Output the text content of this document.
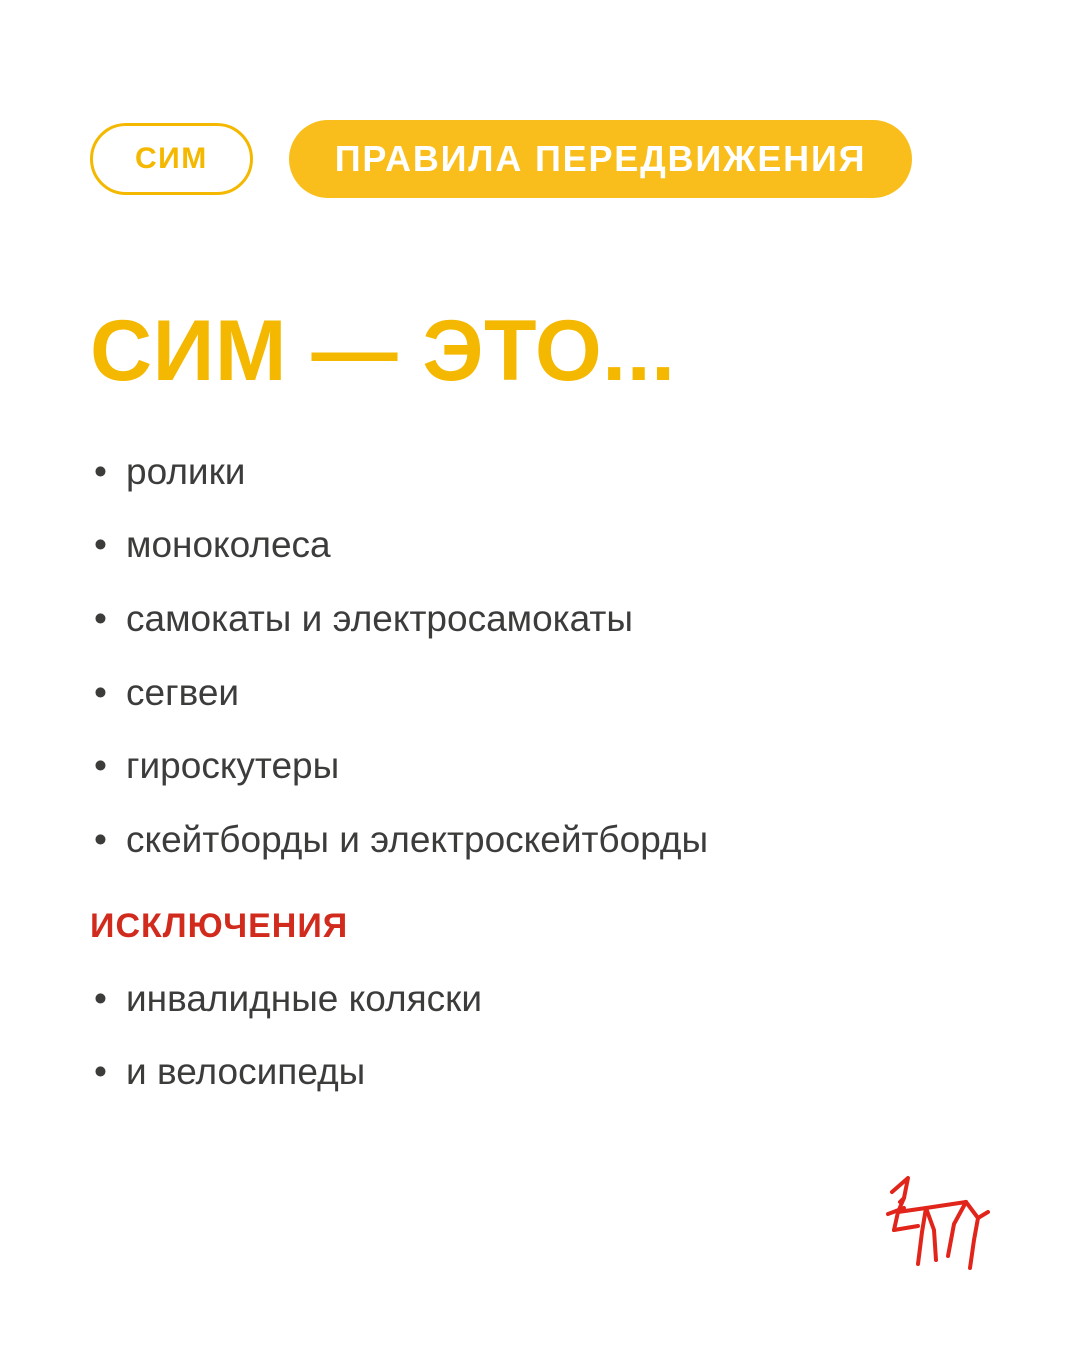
СИМ	ПРАВИЛА ПЕРЕДВИЖЕНИЯ
СИМ — ЭТО...
• ролики
• моноколеса
• самокаты и электросамокаты
• сегвеи
• гироскутеры
• скейтборды и электроскейтборды
ИСКЛЮЧЕНИЯ
• инвалидные коляски
• и велосипеды
